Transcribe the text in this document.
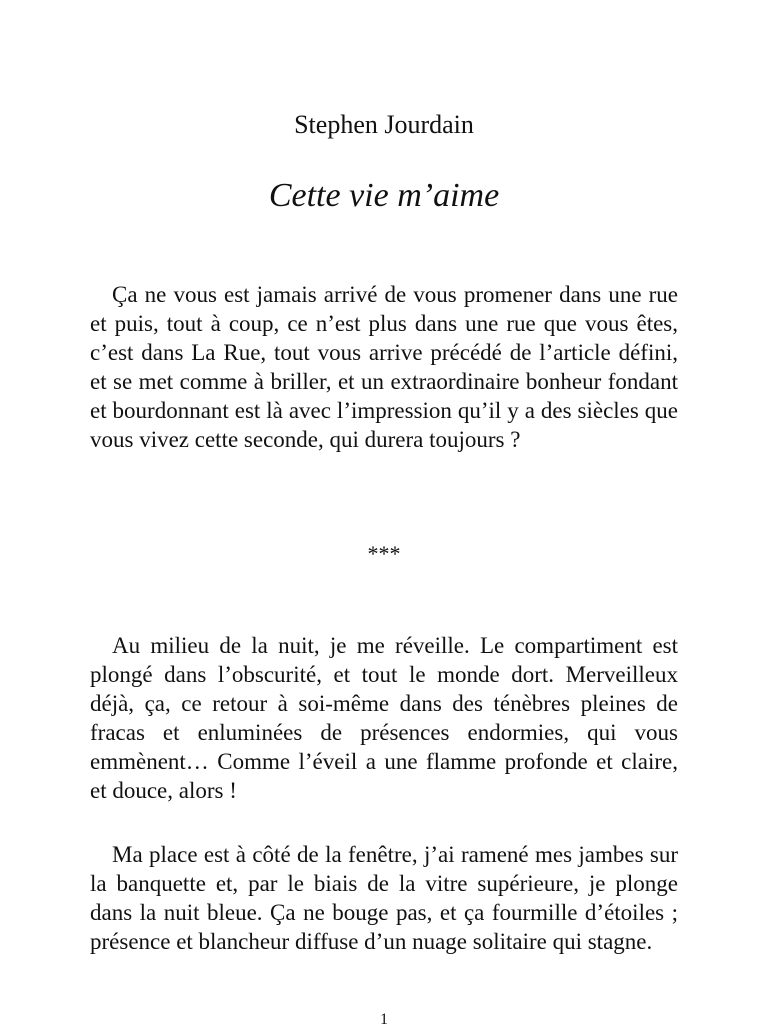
Stephen Jourdain
Cette vie m’aime

Ça ne vous est jamais arrivé de vous promener dans une rue et puis, tout à coup, ce n’est plus dans une rue que vous êtes, c’est dans La Rue, tout vous arrive précédé de l’article défini, et se met comme à briller, et un extraordinaire bonheur fondant et bourdonnant est là avec l’impression qu’il y a des siècles que vous vivez cette seconde, qui durera toujours ?

***

Au milieu de la nuit, je me réveille. Le compartiment est plongé dans l’obscurité, et tout le monde dort. Merveilleux déjà, ça, ce retour à soi-même dans des ténèbres pleines de fracas et enluminées de présences endormies, qui vous emmènent… Comme l’éveil a une flamme profonde et claire, et douce, alors !

Ma place est à côté de la fenêtre, j’ai ramené mes jambes sur la banquette et, par le biais de la vitre supérieure, je plonge dans la nuit bleue. Ça ne bouge pas, et ça fourmille d’étoiles ; présence et blancheur diffuse d’un nuage solitaire qui stagne.

1
